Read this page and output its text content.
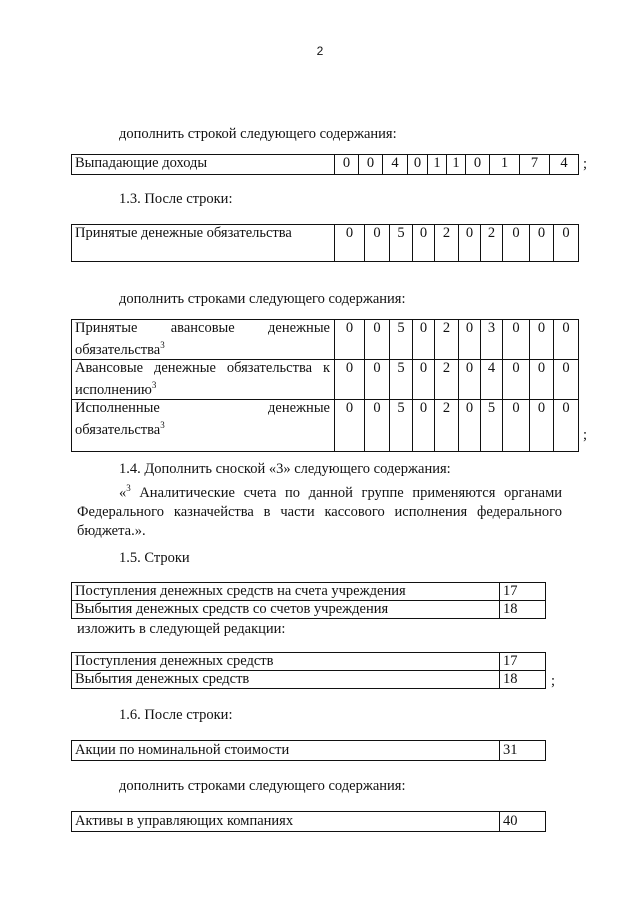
2
дополнить строкой следующего содержания:
Выпадающие доходы	0	0	4	0	1	1	0	1	7	4 ;
1.3. После строки:
Принятые денежные обязательства	0	0	5	0	2	0	2	0	0	0
дополнить строками следующего содержания:
Принятые авансовые денежные
обязательства$^3$	0	0	5	0	2	0	3	0	0	0

Авансовые денежные обязательства к
исполнению$^3$	0	0	5	0	2	0	4	0	0	0

Исполненные денежные
обязательства$^3$	0	0	5	0	2	0	5	0	0	0
;
1.4. Дополнить сноской «3» следующего содержания:
«$^3$ Аналитические счета по данной группе применяются органами Федерального казначейства в части кассового исполнения федерального бюджета.».
1.5. Строки
Поступления денежных средств на счета учреждения	17
Выбытия денежных средств со счетов учреждения	18
изложить в следующей редакции:
Поступления денежных средств	17
Выбытия денежных средств	18 ;
1.6. После строки:
Акции по номинальной стоимости	31
дополнить строками следующего содержания:
Активы в управляющих компаниях	40
